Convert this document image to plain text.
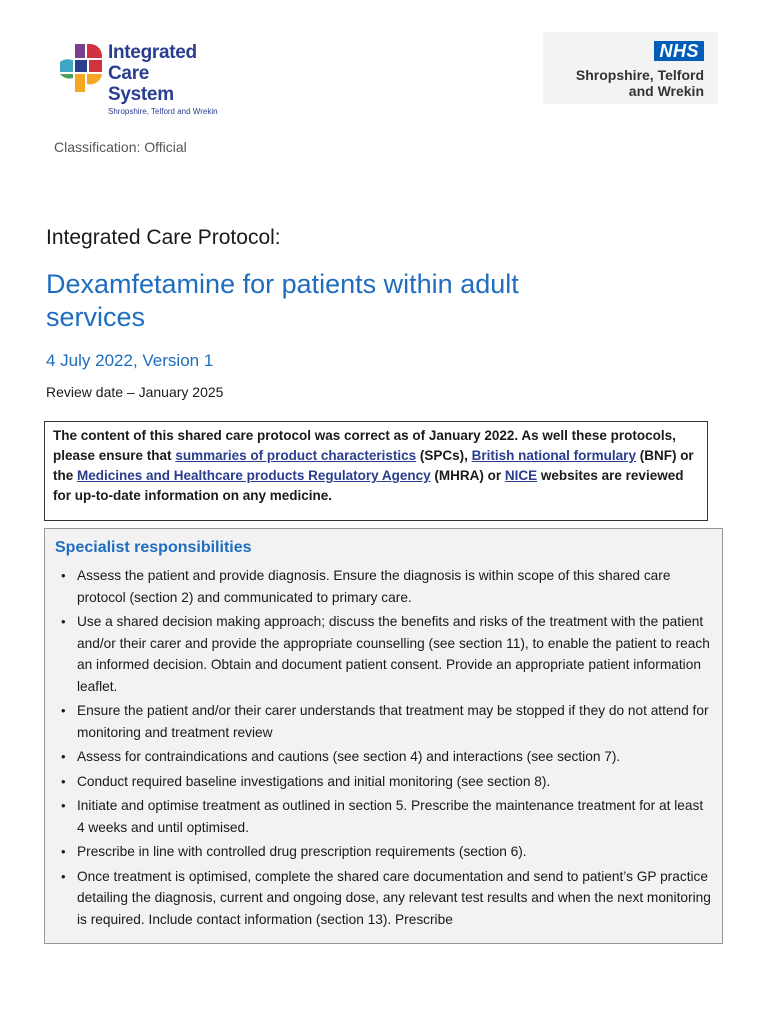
Integrated
Care System
Shropshire, Telford and Wrekin
NHS
Shropshire, Telford
and Wrekin
Classification: Official
Integrated Care Protocol:
Dexamfetamine for patients within adult services
4 July 2022, Version 1
Review date – January 2025
The content of this shared care protocol was correct as of January 2022. As well these protocols, please ensure that summaries of product characteristics (SPCs), British national formulary (BNF) or the Medicines and Healthcare products Regulatory Agency (MHRA) or NICE websites are reviewed for up-to-date information on any medicine.
Specialist responsibilities
• Assess the patient and provide diagnosis. Ensure the diagnosis is within scope of this shared care protocol (section 2) and communicated to primary care.
• Use a shared decision making approach; discuss the benefits and risks of the treatment with the patient and/or their carer and provide the appropriate counselling (see section 11), to enable the patient to reach an informed decision. Obtain and document patient consent. Provide an appropriate patient information leaflet.
• Ensure the patient and/or their carer understands that treatment may be stopped if they do not attend for monitoring and treatment review
• Assess for contraindications and cautions (see section 4) and interactions (see section 7).
• Conduct required baseline investigations and initial monitoring (see section 8).
• Initiate and optimise treatment as outlined in section 5. Prescribe the maintenance treatment for at least 4 weeks and until optimised.
• Prescribe in line with controlled drug prescription requirements (section 6).
• Once treatment is optimised, complete the shared care documentation and send to patient’s GP practice detailing the diagnosis, current and ongoing dose, any relevant test results and when the next monitoring is required. Include contact information (section 13). Prescribe
